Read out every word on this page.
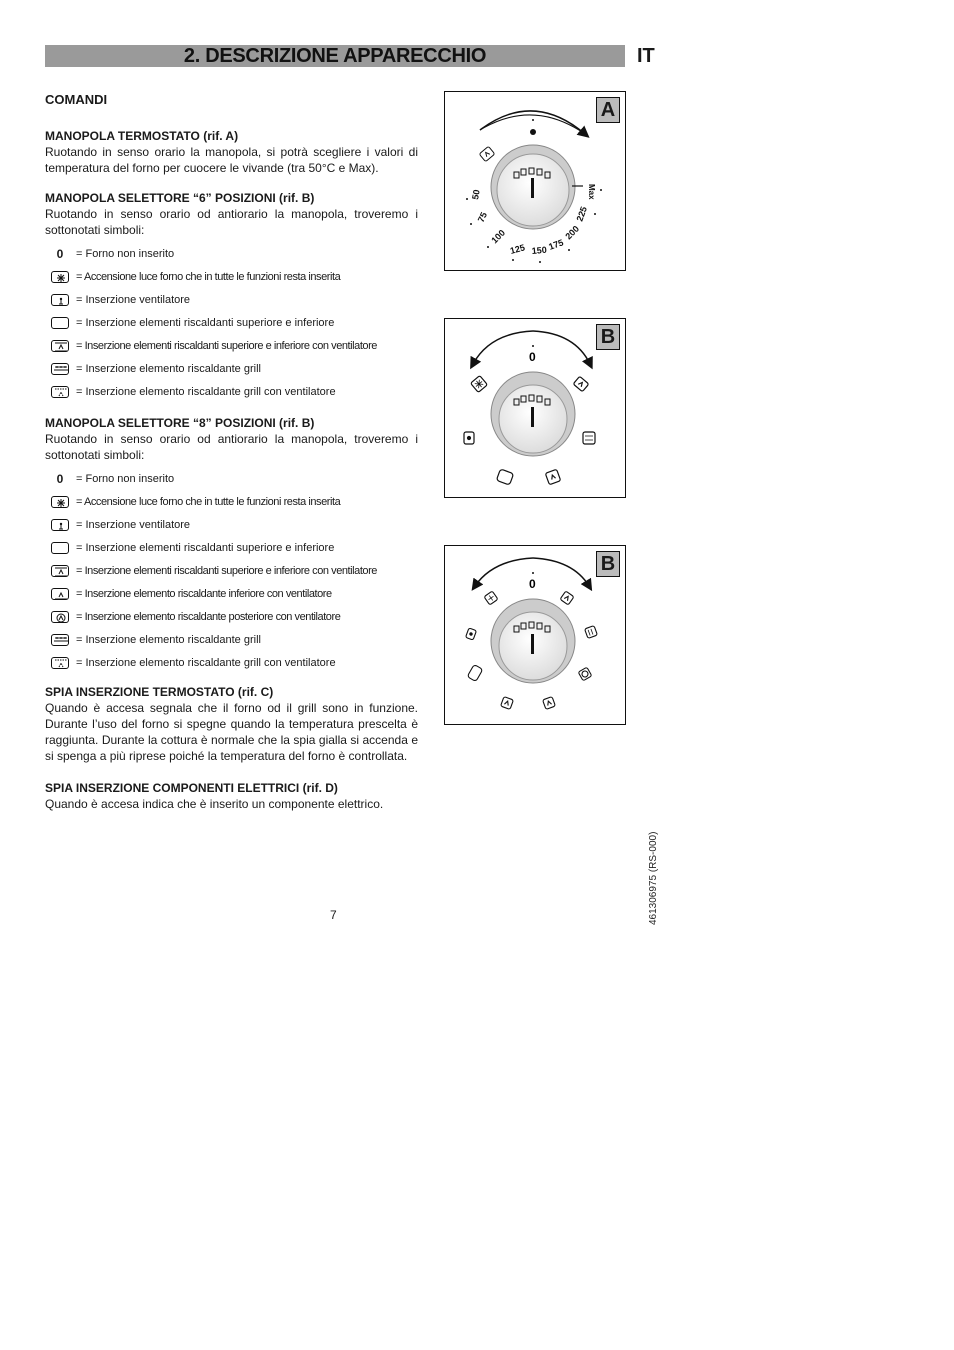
2. DESCRIZIONE APPARECCHIO	IT
COMANDI
MANOPOLA TERMOSTATO (rif. A)
Ruotando in senso orario la manopola, si potrà scegliere i valori di temperatura del forno per cuocere le vivande (tra 50°C e Max).
MANOPOLA SELETTORE “6” POSIZIONI (rif. B)
Ruotando in senso orario od antiorario la manopola, troveremo i sottonotati simboli:
0 = Forno non inserito
= Accensione luce forno che in tutte le funzioni resta inserita
= Inserzione ventilatore
= Inserzione elementi riscaldanti superiore e inferiore
= Inserzione elementi riscaldanti superiore e inferiore con ventilatore
= Inserzione elemento riscaldante grill
= Inserzione elemento riscaldante grill con ventilatore
MANOPOLA SELETTORE “8” POSIZIONI (rif. B)
Ruotando in senso orario od antiorario la manopola, troveremo i sottonotati simboli:
0 = Forno non inserito
= Accensione luce forno che in tutte le funzioni resta inserita
= Inserzione ventilatore
= Inserzione elementi riscaldanti superiore e inferiore
= Inserzione elementi riscaldanti superiore e inferiore con ventilatore
= Inserzione elemento riscaldante inferiore con ventilatore
= Inserzione elemento riscaldante posteriore con ventilatore
= Inserzione elemento riscaldante grill
= Inserzione elemento riscaldante grill con ventilatore
SPIA INSERZIONE TERMOSTATO (rif. C)
Quando è accesa segnala che il forno od il grill sono in funzione. Durante l’uso del forno si spegne quando la temperatura prescelta è raggiunta. Durante la cottura è normale che la spia gialla si accenda e si spenga a più riprese poiché la temperatura del forno è controllata.
SPIA INSERZIONE COMPONENTI ELETTRICI (rif. D)
Quando è accesa indica che è inserito un componente elettrico.
A
50
75
100
125 150 175
200
225
Max
B
0
B
0
7	461306975 (RS-000)
